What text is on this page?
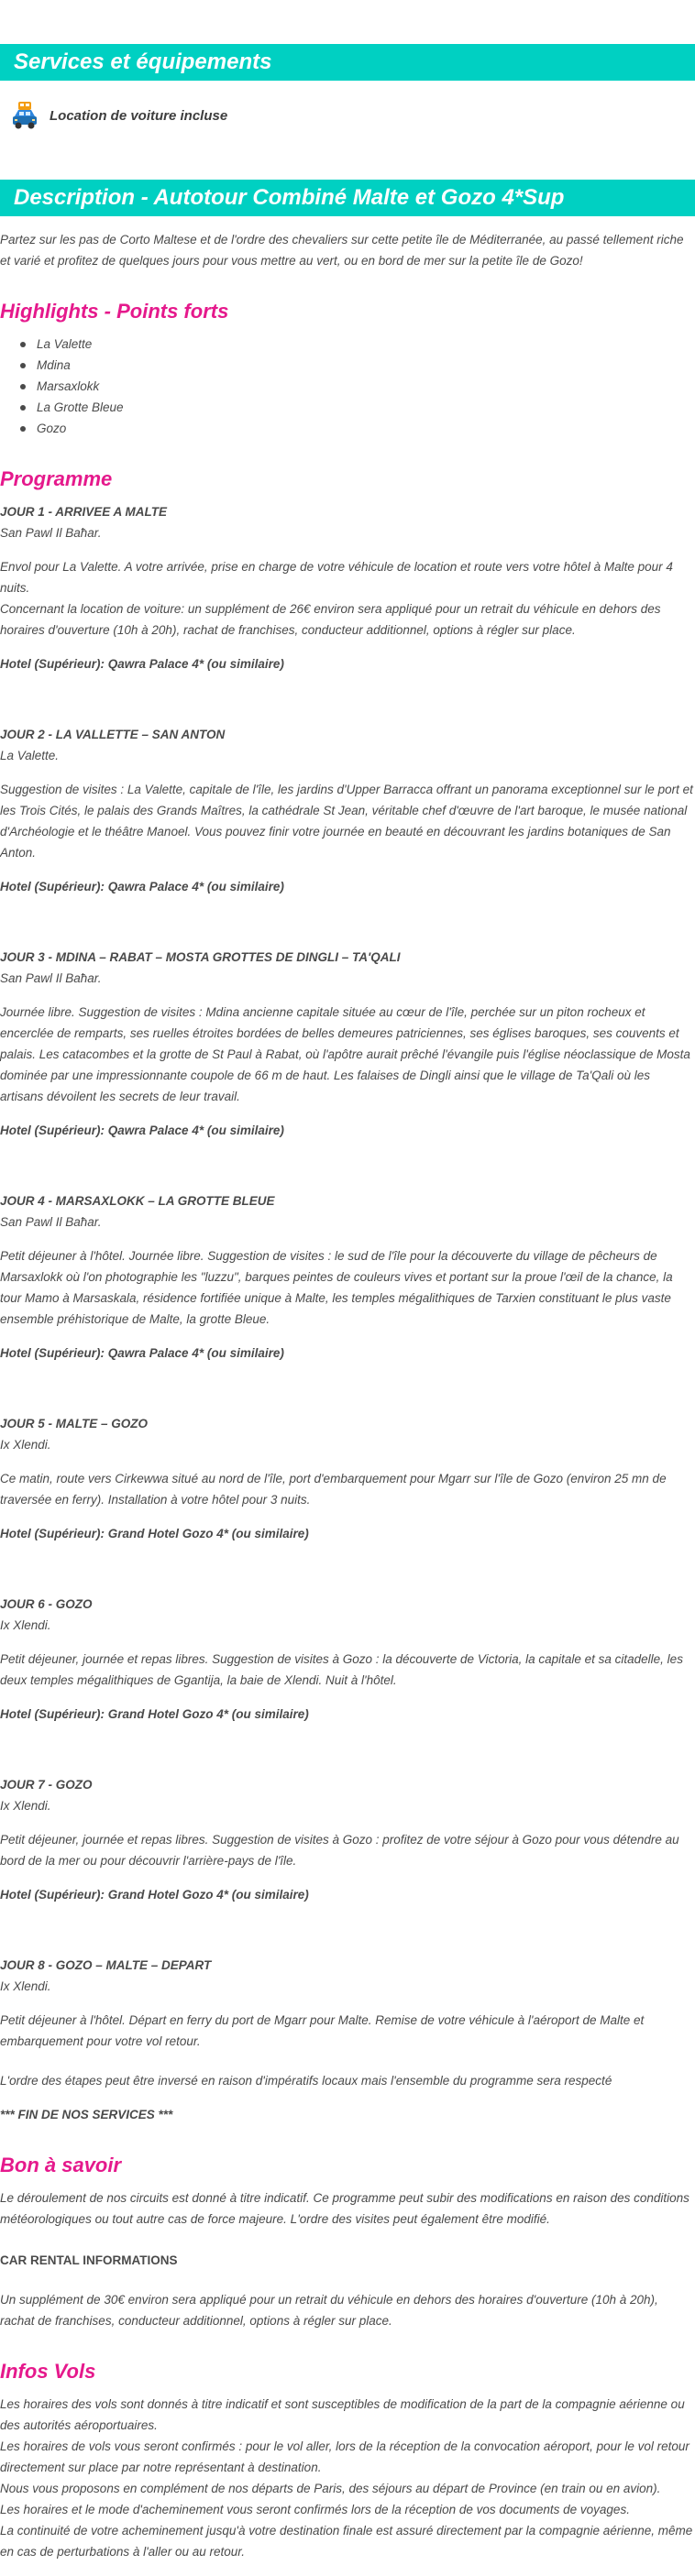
Services et équipements
Location de voiture incluse
Description - Autotour Combiné Malte et Gozo 4*Sup

Partez sur les pas de Corto Maltese et de l'ordre des chevaliers sur cette petite île de Méditerranée, au passé tellement riche et varié et profitez de quelques jours pour vous mettre au vert, ou en bord de mer sur la petite île de Gozo!

Highlights - Points forts
La Valette
Mdina
Marsaxlokk
La Grotte Bleue
Gozo
Programme
JOUR 1 - ARRIVEE A MALTE
San Pawl Il Baħar.

Envol pour La Valette. A votre arrivée, prise en charge de votre véhicule de location et route vers votre hôtel à Malte pour 4 nuits.
Concernant la location de voiture: un supplément de 26€ environ sera appliqué pour un retrait du véhicule en dehors des horaires d'ouverture (10h à 20h), rachat de franchises, conducteur additionnel, options à régler sur place.

Hotel (Supérieur): Qawra Palace 4* (ou similaire)
JOUR 2 - LA VALLETTE – SAN ANTON
La Valette.

Suggestion de visites : La Valette, capitale de l'île, les jardins d'Upper Barracca offrant un panorama exceptionnel sur le port et les Trois Cités, le palais des Grands Maîtres, la cathédrale St Jean, véritable chef d'œuvre de l'art baroque, le musée national d'Archéologie et le théâtre Manoel. Vous pouvez finir votre journée en beauté en découvrant les jardins botaniques de San Anton.

Hotel (Supérieur): Qawra Palace 4* (ou similaire)
JOUR 3 - MDINA – RABAT – MOSTA GROTTES DE DINGLI – TA'QALI
San Pawl Il Baħar.

Journée libre. Suggestion de visites : Mdina ancienne capitale située au cœur de l'île, perchée sur un piton rocheux et encerclée de remparts, ses ruelles étroites bordées de belles demeures patriciennes, ses églises baroques, ses couvents et palais. Les catacombes et la grotte de St Paul à Rabat, où l'apôtre aurait prêché l'évangile puis l'église néoclassique de Mosta dominée par une impressionnante coupole de 66 m de haut. Les falaises de Dingli ainsi que le village de Ta'Qali où les artisans dévoilent les secrets de leur travail.

Hotel (Supérieur): Qawra Palace 4* (ou similaire)
JOUR 4 - MARSAXLOKK – LA GROTTE BLEUE
San Pawl Il Baħar.

Petit déjeuner à l'hôtel. Journée libre. Suggestion de visites : le sud de l'île pour la découverte du village de pêcheurs de Marsaxlokk où l'on photographie les "luzzu", barques peintes de couleurs vives et portant sur la proue l'œil de la chance, la tour Mamo à Marsaskala, résidence fortifiée unique à Malte, les temples mégalithiques de Tarxien constituant le plus vaste ensemble préhistorique de Malte, la grotte Bleue.

Hotel (Supérieur): Qawra Palace 4* (ou similaire)
JOUR 5 - MALTE – GOZO
Ix Xlendi.

Ce matin, route vers Cirkewwa situé au nord de l'île, port d'embarquement pour Mgarr sur l'île de Gozo (environ 25 mn de traversée en ferry). Installation à votre hôtel pour 3 nuits.

Hotel (Supérieur): Grand Hotel Gozo 4* (ou similaire)
JOUR 6 - GOZO
Ix Xlendi.

Petit déjeuner, journée et repas libres. Suggestion de visites à Gozo : la découverte de Victoria, la capitale et sa citadelle, les deux temples mégalithiques de Ggantija, la baie de Xlendi. Nuit à l'hôtel.

Hotel (Supérieur): Grand Hotel Gozo 4* (ou similaire)
JOUR 7 - GOZO
Ix Xlendi.

Petit déjeuner, journée et repas libres. Suggestion de visites à Gozo : profitez de votre séjour à Gozo pour vous détendre au bord de la mer ou pour découvrir l'arrière-pays de l'île.

Hotel (Supérieur): Grand Hotel Gozo 4* (ou similaire)
JOUR 8 - GOZO – MALTE – DEPART
Ix Xlendi.

Petit déjeuner à l'hôtel. Départ en ferry du port de Mgarr pour Malte. Remise de votre véhicule à l'aéroport de Malte et embarquement pour votre vol retour.

L'ordre des étapes peut être inversé en raison d'impératifs locaux mais l'ensemble du programme sera respecté

*** FIN DE NOS SERVICES ***

Bon à savoir

Le déroulement de nos circuits est donné à titre indicatif. Ce programme peut subir des modifications en raison des conditions météorologiques ou tout autre cas de force majeure. L'ordre des visites peut également être modifié.

CAR RENTAL INFORMATIONS

Un supplément de 30€ environ sera appliqué pour un retrait du véhicule en dehors des horaires d'ouverture (10h à 20h), rachat de franchises, conducteur additionnel, options à régler sur place.

Infos Vols

Les horaires des vols sont donnés à titre indicatif et sont susceptibles de modification de la part de la compagnie aérienne ou des autorités aéroportuaires.

Les horaires de vols vous seront confirmés : pour le vol aller, lors de la réception de la convocation aéroport, pour le vol retour directement sur place par notre représentant à destination.

Nous vous proposons en complément de nos départs de Paris, des séjours au départ de Province (en train ou en avion).

Les horaires et le mode d'acheminement vous seront confirmés lors de la réception de vos documents de voyages.

La continuité de votre acheminement jusqu'à votre destination finale est assuré directement par la compagnie aérienne, même en cas de perturbations à l'aller ou au retour.
